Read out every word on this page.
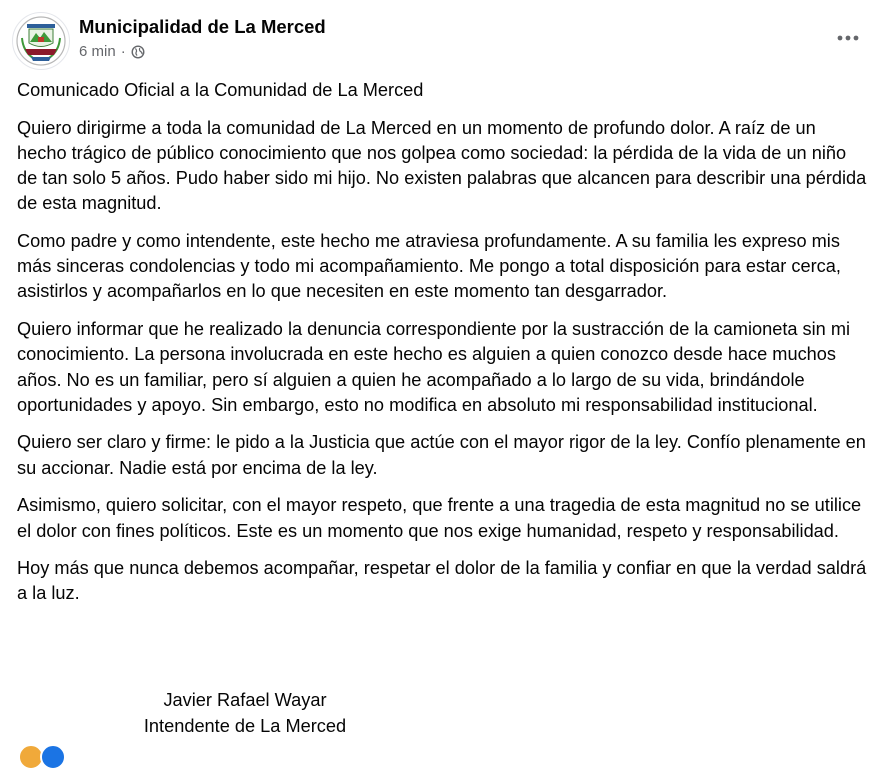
Municipalidad de La Merced
6 min ·

Comunicado Oficial a la Comunidad de La Merced

Quiero dirigirme a toda la comunidad de La Merced en un momento de profundo dolor. A raíz de un hecho trágico de público conocimiento que nos golpea como sociedad: la pérdida de la vida de un niño de tan solo 5 años. Pudo haber sido mi hijo. No existen palabras que alcancen para describir una pérdida de esta magnitud.

Como padre y como intendente, este hecho me atraviesa profundamente. A su familia les expreso mis más sinceras condolencias y todo mi acompañamiento. Me pongo a total disposición para estar cerca, asistirlos y acompañarlos en lo que necesiten en este momento tan desgarrador.

Quiero informar que he realizado la denuncia correspondiente por la sustracción de la camioneta sin mi conocimiento. La persona involucrada en este hecho es alguien a quien conozco desde hace muchos años. No es un familiar, pero sí alguien a quien he acompañado a lo largo de su vida, brindándole oportunidades y apoyo. Sin embargo, esto no modifica en absoluto mi responsabilidad institucional.

Quiero ser claro y firme: le pido a la Justicia que actúe con el mayor rigor de la ley. Confío plenamente en su accionar. Nadie está por encima de la ley.

Asimismo, quiero solicitar, con el mayor respeto, que frente a una tragedia de esta magnitud no se utilice el dolor con fines políticos. Este es un momento que nos exige humanidad, respeto y responsabilidad.

Hoy más que nunca debemos acompañar, respetar el dolor de la familia y confiar en que la verdad saldrá a la luz.

Javier Rafael Wayar
Intendente de La Merced
